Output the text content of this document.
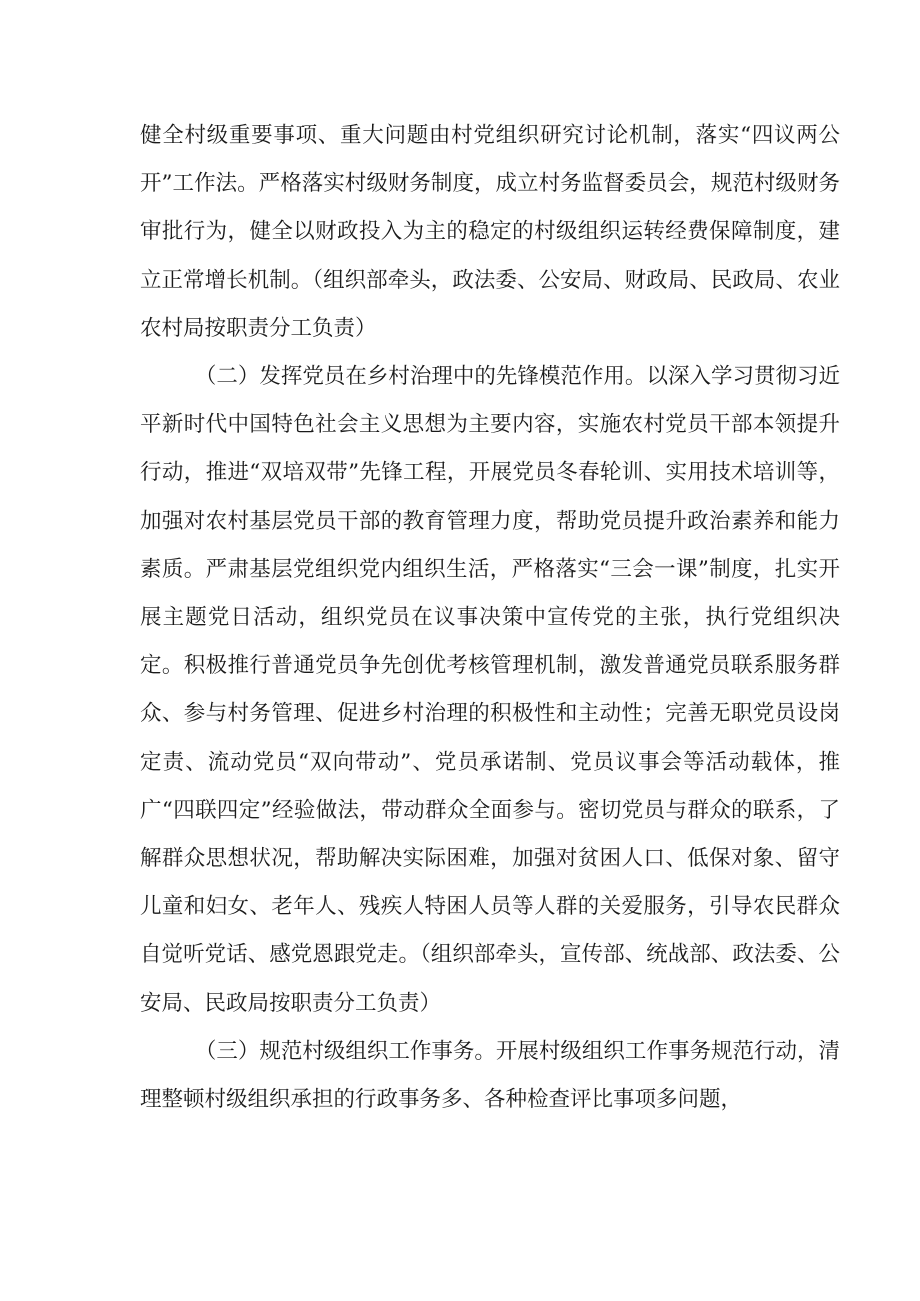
健全村级重要事项、重大问题由村党组织研究讨论机制，落实“四议两公开”工作法。严格落实村级财务制度，成立村务监督委员会，规范村级财务审批行为，健全以财政投入为主的稳定的村级组织运转经费保障制度，建立正常增长机制。（组织部牵头，政法委、公安局、财政局、民政局、农业农村局按职责分工负责）

（二）发挥党员在乡村治理中的先锋模范作用。以深入学习贯彻习近平新时代中国特色社会主义思想为主要内容，实施农村党员干部本领提升行动，推进“双培双带”先锋工程，开展党员冬春轮训、实用技术培训等，加强对农村基层党员干部的教育管理力度，帮助党员提升政治素养和能力素质。严肃基层党组织党内组织生活，严格落实“三会一课”制度，扎实开展主题党日活动，组织党员在议事决策中宣传党的主张，执行党组织决定。积极推行普通党员争先创优考核管理机制，激发普通党员联系服务群众、参与村务管理、促进乡村治理的积极性和主动性；完善无职党员设岗定责、流动党员“双向带动”、党员承诺制、党员议事会等活动载体，推广“四联四定”经验做法，带动群众全面参与。密切党员与群众的联系，了解群众思想状况，帮助解决实际困难，加强对贫困人口、低保对象、留守儿童和妇女、老年人、残疾人特困人员等人群的关爱服务，引导农民群众自觉听党话、感党恩跟党走。（组织部牵头，宣传部、统战部、政法委、公安局、民政局按职责分工负责）

（三）规范村级组织工作事务。开展村级组织工作事务规范行动，清理整顿村级组织承担的行政事务多、各种检查评比事项多问题，
